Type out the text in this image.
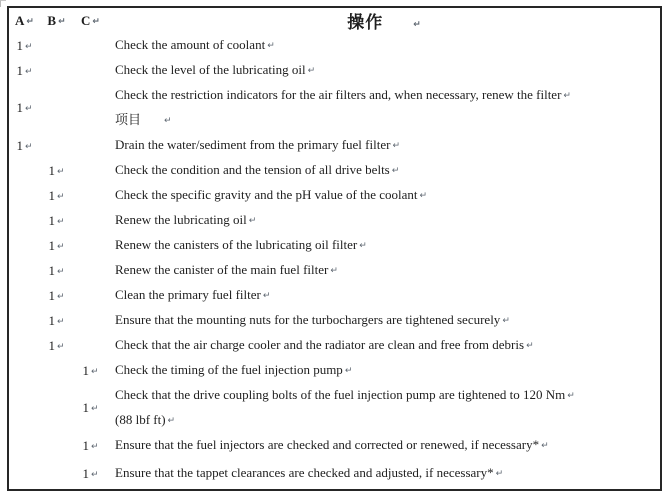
A ↵	B ↵	C ↵	操作 ↵
1 ↵			Check the amount of coolant ↵

1 ↵			Check the level of the lubricating oil ↵

1 ↵			Check the restriction indicators for the air filters and, when necessary, renew the filter ↵
项目 ↵

1 ↵			Drain the water/sediment from the primary fuel filter ↵

	1 ↵		Check the condition and the tension of all drive belts ↵

	1 ↵		Check the specific gravity and the pH value of the coolant ↵

	1 ↵		Renew the lubricating oil ↵

	1 ↵		Renew the canisters of the lubricating oil filter ↵

	1 ↵		Renew the canister of the main fuel filter ↵

	1 ↵		Clean the primary fuel filter ↵

	1 ↵		Ensure that the mounting nuts for the turbochargers are tightened securely ↵

	1 ↵		Check that the air charge cooler and the radiator are clean and free from debris ↵

		1 ↵	Check the timing of the fuel injection pump ↵

		1 ↵	Check that the drive coupling bolts of the fuel injection pump are tightened to 120 Nm ↵
(88 lbf ft) ↵

		1 ↵	Ensure that the fuel injectors are checked and corrected or renewed, if necessary* ↵

		1 ↵	Ensure that the tappet clearances are checked and adjusted, if necessary* ↵
